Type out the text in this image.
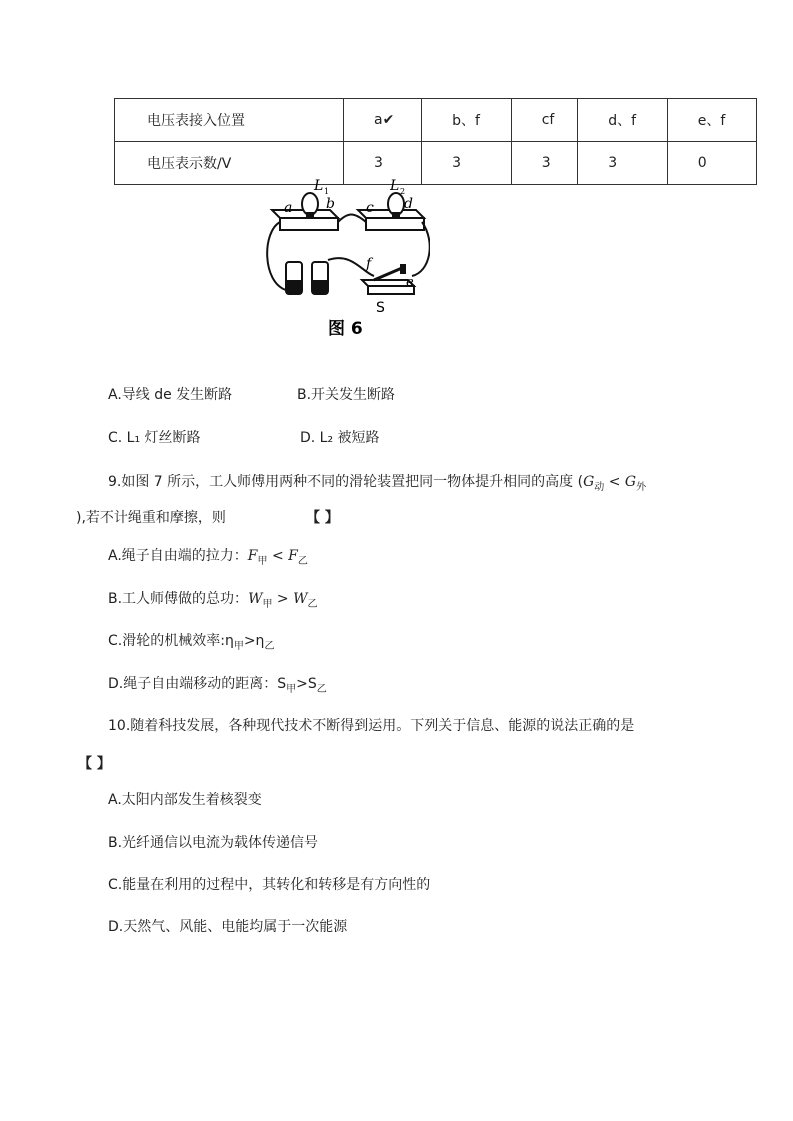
电压表接入位置	a✔	b、f	cf	d、f	e、f
电压表示数/V	3	3	3	3	0
L 1	L 2
a b c d
f
e
S
图 6
A.导线 de 发生断路	B.开关发生断路
C. L₁ 灯丝断路	D. L₂ 被短路
9.如图 7 所示，工人师傅用两种不同的滑轮装置把同一物体提升相同的高度 ($G_动 < G_外$
),若不计绳重和摩擦，则	【 】
A.绳子自由端的拉力：$F_甲 < F_乙$
B.工人师傅做的总功：$W_甲 > W_乙$
C.滑轮的机械效率$:\eta_甲>\eta_乙$
D.绳子自由端移动的距离：$S_甲>S_乙$
10.随着科技发展，各种现代技术不断得到运用。下列关于信息、能源的说法正确的是
【 】
A.太阳内部发生着核裂变
B.光纤通信以电流为载体传递信号
C.能量在利用的过程中，其转化和转移是有方向性的
D.天然气、风能、电能均属于一次能源
